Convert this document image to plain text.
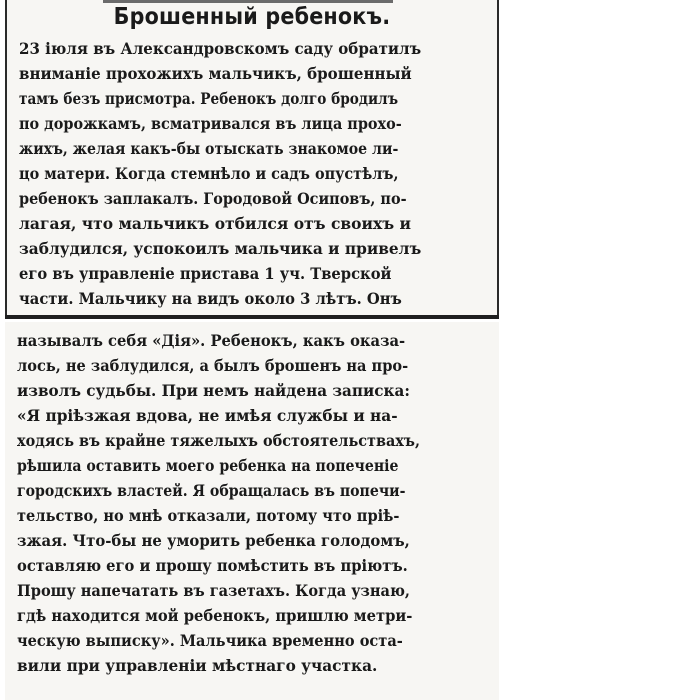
Брошенный ребенокъ.
23 іюля въ Александровскомъ саду обратилъ
вниманіе прохожихъ мальчикъ, брошенный
тамъ безъ присмотра. Ребенокъ долго бродилъ
по дорожкамъ, всматривался въ лица прохо-
жихъ, желая какъ-бы отыскать знакомое ли-
цо матери. Когда стемнѣло и садъ опустѣлъ,
ребенокъ заплакалъ. Городовой Осиповъ, по-
лагая, что мальчикъ отбился отъ своихъ и
заблудился, успокоилъ мальчика и привелъ
его въ управленіе пристава 1 уч. Тверской
части. Мальчику на видъ около 3 лѣтъ. Онъ
называлъ себя «Дія». Ребенокъ, какъ оказа-
лось, не заблудился, а былъ брошенъ на про-
изволъ судьбы. При немъ найдена записка:
«Я пріѣзжая вдова, не имѣя службы и на-
ходясь въ крайне тяжелыхъ обстоятельствахъ,
рѣшила оставить моего ребенка на попеченіе
городскихъ властей. Я обращалась въ попечи-
тельство, но мнѣ отказали, потому что пріѣ-
зжая. Что-бы не уморить ребенка голодомъ,
оставляю его и прошу помѣстить въ пріютъ.
Прошу напечатать въ газетахъ. Когда узнаю,
гдѣ находится мой ребенокъ, пришлю метри-
ческую выписку». Мальчика временно оста-
вили при управленіи мѣстнаго участка.
